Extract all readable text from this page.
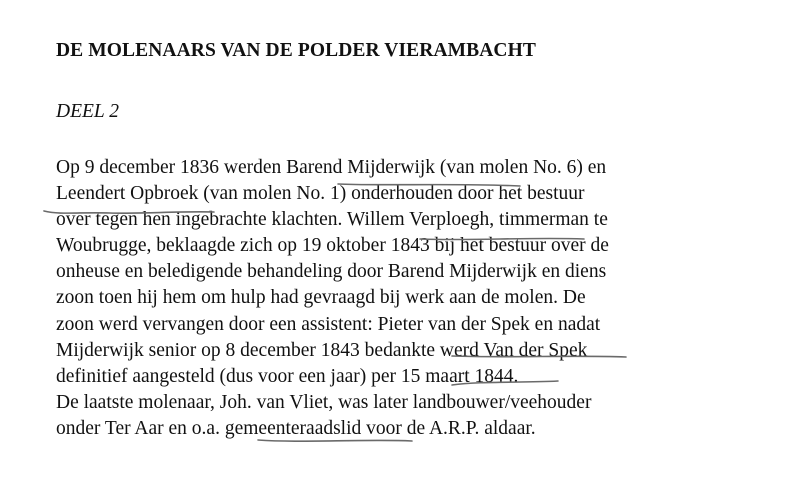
DE MOLENAARS VAN DE POLDER VIERAMBACHT
DEEL 2
Op 9 december 1836 werden Barend Mijderwijk (van molen No. 6) en
Leendert Opbroek (van molen No. 1) onderhouden door het bestuur
over tegen hen ingebrachte klachten. Willem Verploegh, timmerman te
Woubrugge, beklaagde zich op 19 oktober 1843 bij het bestuur over de
onheuse en beledigende behandeling door Barend Mijderwijk en diens
zoon toen hij hem om hulp had gevraagd bij werk aan de molen. De
zoon werd vervangen door een assistent: Pieter van der Spek en nadat
Mijderwijk senior op 8 december 1843 bedankte werd Van der Spek
definitief aangesteld (dus voor een jaar) per 15 maart 1844.
De laatste molenaar, Joh. van Vliet, was later landbouwer/veehouder
onder Ter Aar en o.a. gemeenteraadslid voor de A.R.P. aldaar.
